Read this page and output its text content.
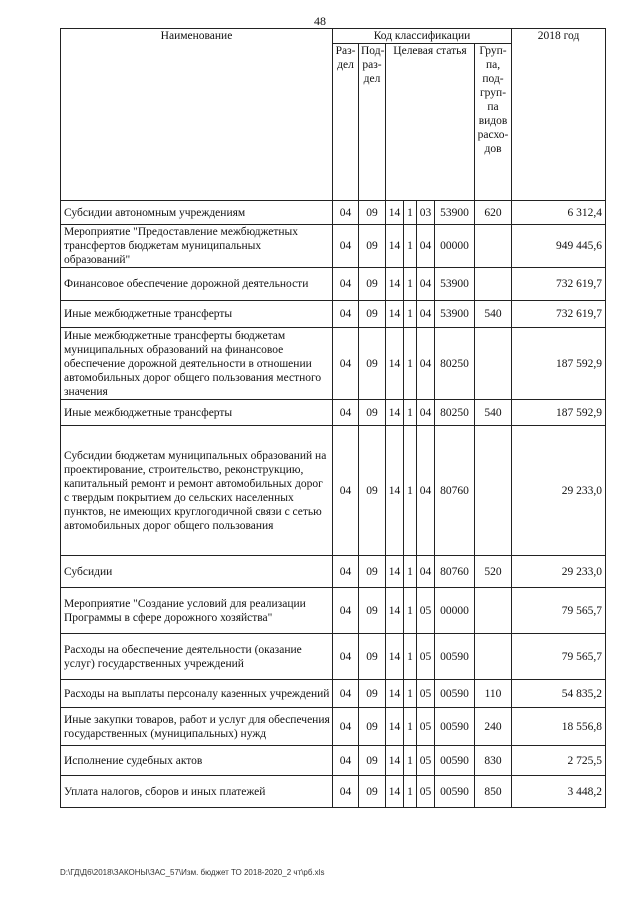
48
Наименование	Код классификации							2018 год
	Раз-дел	Под-раз-дел	Целевая статья				Груп-па, под-груп-па видов расхо-дов	

Субсидии автономным учреждениям	04	09	14	1	03	53900	620	6 312,4
Мероприятие "Предоставление межбюджетных трансфертов бюджетам муниципальных образований"	04	09	14	1	04	00000		949 445,6
Финансовое обеспечение дорожной деятельности	04	09	14	1	04	53900		732 619,7
Иные межбюджетные трансферты	04	09	14	1	04	53900	540	732 619,7
Иные межбюджетные трансферты бюджетам муниципальных образований на финансовое обеспечение дорожной деятельности в отношении автомобильных дорог общего пользования местного значения	04	09	14	1	04	80250		187 592,9
Иные межбюджетные трансферты	04	09	14	1	04	80250	540	187 592,9
Субсидии бюджетам муниципальных образований на проектирование, строительство, реконструкцию, капитальный ремонт и ремонт автомобильных дорог с твердым покрытием до сельских населенных пунктов, не имеющих круглогодичной связи с сетью автомобильных дорог общего пользования	04	09	14	1	04	80760		29 233,0
Субсидии	04	09	14	1	04	80760	520	29 233,0
Мероприятие "Создание условий для реализации Программы в сфере дорожного хозяйства"	04	09	14	1	05	00000		79 565,7
Расходы на обеспечение деятельности (оказание услуг) государственных учреждений	04	09	14	1	05	00590		79 565,7
Расходы на выплаты персоналу казенных учреждений	04	09	14	1	05	00590	110	54 835,2
Иные закупки товаров, работ и услуг для обеспечения государственных (муниципальных) нужд	04	09	14	1	05	00590	240	18 556,8
Исполнение судебных актов	04	09	14	1	05	00590	830	2 725,5
Уплата налогов, сборов и иных платежей	04	09	14	1	05	00590	850	3 448,2
D:\ГД\Д6\2018\ЗАКОНЫ\ЗАС_57\Изм. бюджет ТО 2018-2020_2 чт\рб.xls
